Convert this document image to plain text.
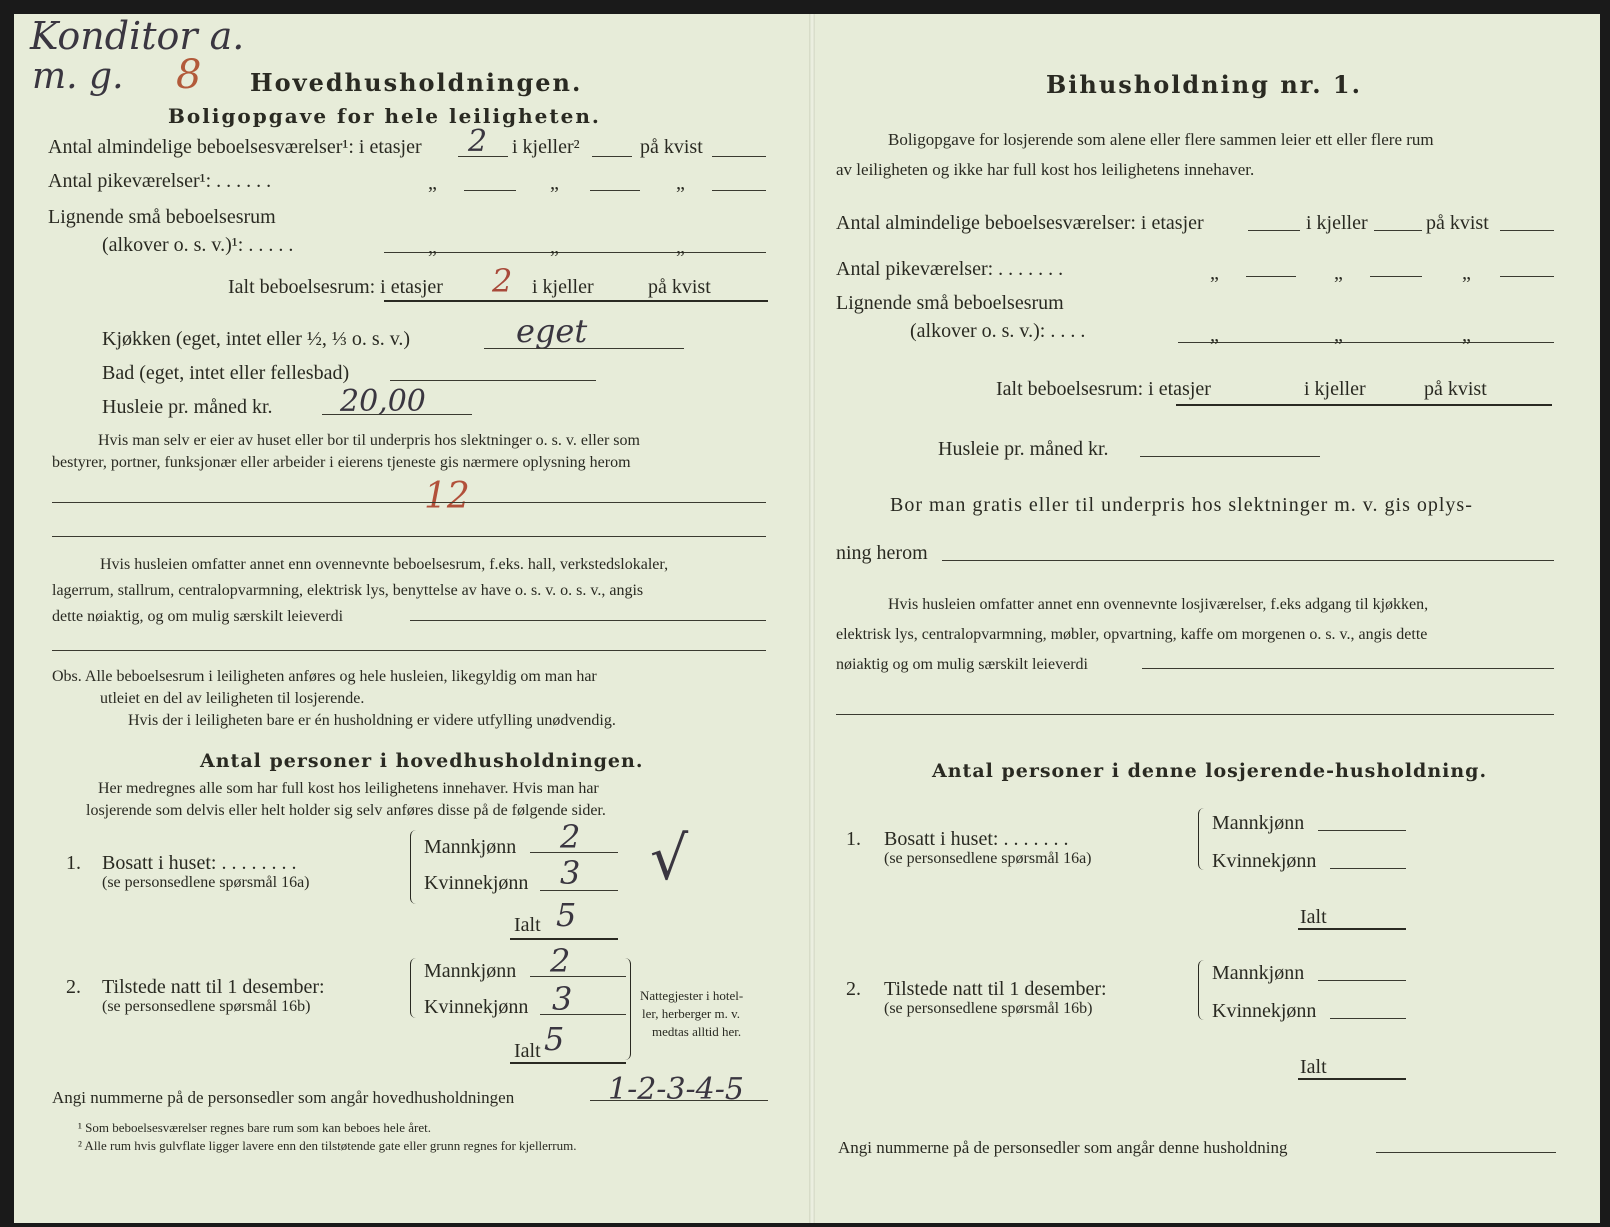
Konditor a.
m. g. 8 Hovedhusholdningen.
Boligopgave for hele leiligheten.
Antal almindelige beboelsesværelser¹: i etasjer 2 i kjeller²	på kvist
Antal pikeværelser¹: . . . . . .	„	„	„
Lignende små beboelsesrum
(alkover o. s. v.)¹: . . . . .	„	„	„
Ialt beboelsesrum: i etasjer 2 i kjeller	på kvist
Kjøkken (eget, intet eller ½, ⅓ o. s. v.)	eget
Bad (eget, intet eller fellesbad)
Husleie pr. måned kr. 20,00
Hvis man selv er eier av huset eller bor til underpris hos slektninger o. s. v. eller som
bestyrer, portner, funksjonær eller arbeider i eierens tjeneste gis nærmere oplysning herom
12
Hvis husleien omfatter annet enn ovennevnte beboelsesrum, f.eks. hall, verkstedslokaler,
lagerrum, stallrum, centralopvarmning, elektrisk lys, benyttelse av have o. s. v. o. s. v., angis
dette nøiaktig, og om mulig særskilt leieverdi
Obs. Alle beboelsesrum i leiligheten anføres og hele husleien, likegyldig om man har
utleiet en del av leiligheten til losjerende.
Hvis der i leiligheten bare er én husholdning er videre utfylling unødvendig.
Antal personer i hovedhusholdningen.
Her medregnes alle som har full kost hos leilighetens innehaver. Hvis man har
losjerende som delvis eller helt holder sig selv anføres disse på de følgende sider.
1. Bosatt i huset: . . . . . . . .
(se personsedlene spørsmål 16a)
Mannkjønn 2
Kvinnekjønn 3 √
Ialt 5
2. Tilstede natt til 1 desember:
(se personsedlene spørsmål 16b)
Mannkjønn 2
Kvinnekjønn 3
Ialt 5
Nattegjester i hotel-
ler, herberger m. v.
medtas alltid her.
Angi nummerne på de personsedler som angår hovedhusholdningen	1-2-3-4-5
¹ Som beboelsesværelser regnes bare rum som kan beboes hele året.
² Alle rum hvis gulvflate ligger lavere enn den tilstøtende gate eller grunn regnes for kjellerrum.
Bihusholdning nr. 1.
Boligopgave for losjerende som alene eller flere sammen leier ett eller flere rum
av leiligheten og ikke har full kost hos leilighetens innehaver.
Antal almindelige beboelsesværelser: i etasjer	i kjeller	på kvist
Antal pikeværelser: . . . . . . .	„	„	„
Lignende små beboelsesrum
(alkover o. s. v.): . . . .	„	„	„
Ialt beboelsesrum: i etasjer	i kjeller	på kvist
Husleie pr. måned kr.
Bor man gratis eller til underpris hos slektninger m. v. gis oplys-
ning herom
Hvis husleien omfatter annet enn ovennevnte losjiværelser, f.eks adgang til kjøkken,
elektrisk lys, centralopvarmning, møbler, opvartning, kaffe om morgenen o. s. v., angis dette
nøiaktig og om mulig særskilt leieverdi
Antal personer i denne losjerende-husholdning.
1. Bosatt i huset: . . . . . . .
(se personsedlene spørsmål 16a)
Mannkjønn
Kvinnekjønn
Ialt
2. Tilstede natt til 1 desember:
(se personsedlene spørsmål 16b)
Mannkjønn
Kvinnekjønn
Ialt
Angi nummerne på de personsedler som angår denne husholdning
